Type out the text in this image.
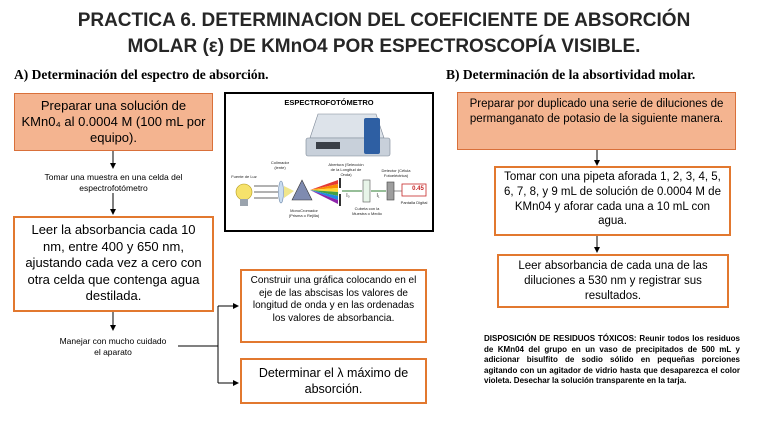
PRACTICA 6. DETERMINACION DEL COEFICIENTE DE ABSORCIÓN
MOLAR (ε) DE KMnO4 POR ESPECTROSCOPÍA VISIBLE.
A) Determinación del espectro de absorción.	B) Determinación de la absortividad molar.
Preparar una solución de KMn0₄ al 0.0004 M (100 mL por equipo).
Tomar una muestra en una celda del espectrofotómetro
Leer la absorbancia cada 10 nm, entre 400 y 650 nm, ajustando cada vez a cero con otra celda que contenga agua destilada.
Manejar con mucho cuidado el aparato
Construir una gráfica colocando en el eje de las abscisas los valores de longitud de onda y en las ordenadas los valores de absorbancia.
Determinar el λ máximo de absorción.
ESPECTROFOTÓMETRO
0.45
Fuente de Luz
Colimador (lente)
Abertura (Selección de la Longitud de Onda)
Detector (Célula Fotoeléctrica)
MonoCromador (Prisma o Rejilla)
Cubeta con la Muestra o Medio
Pantalla Digital
I₀	I₁
Preparar por duplicado una serie de diluciones de permanganato de potasio de la siguiente manera.
Tomar con una pipeta aforada 1, 2, 3, 4, 5, 6, 7, 8, y 9 mL de solución de 0.0004 M de KMn04 y aforar cada una a 10 mL con agua.
Leer absorbancia de cada una de las diluciones a 530 nm y registrar sus resultados.
DISPOSICIÓN DE RESIDUOS TÓXICOS: Reunir todos los residuos de KMn04 del grupo en un vaso de precipitados de 500 mL y adicionar bisulfito de sodio sólido en pequeñas porciones agitando con un agitador de vidrio hasta que desaparezca el color violeta. Desechar la solución transparente en la tarja.
